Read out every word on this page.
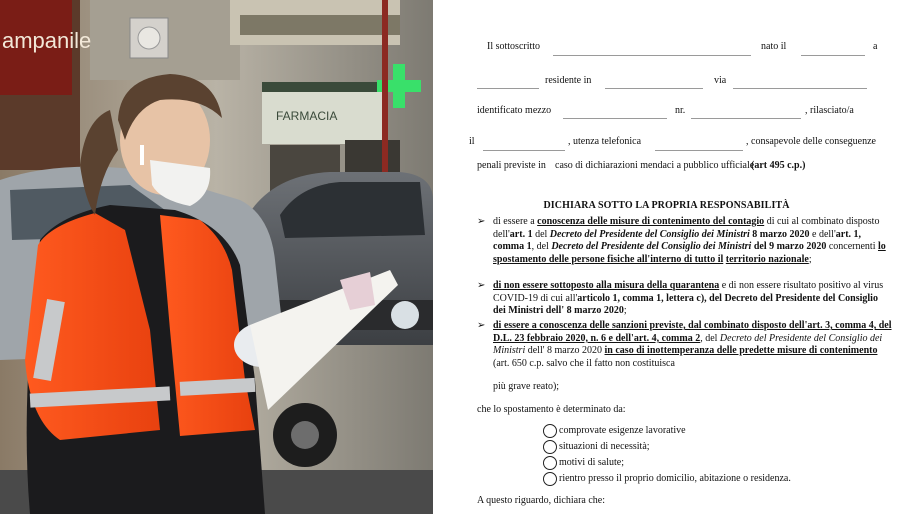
ampanile
FARMACIA
Il sottoscritto	nato il	a
residente in	via
identificato mezzo	nr.	, rilasciato/a
il	, utenza telefonica	, consapevole delle conseguenze
penali previste in caso di dichiarazioni mendaci a pubblico ufficiale
(art 495 c.p.)
DICHIARA SOTTO LA PROPRIA RESPONSABILITÀ
➢ di essere a conoscenza delle misure di contenimento del contagio di cui al combinato disposto dell'art. 1 del Decreto del Presidente del Consiglio dei Ministri 8 marzo 2020 e dell'art. 1, comma 1, del Decreto del Presidente del Consiglio dei Ministri del 9 marzo 2020 concernenti lo spostamento delle persone fisiche all'interno di tutto il territorio nazionale;
➢ di non essere sottoposto alla misura della quarantena e di non essere risultato positivo al virus COVID-19 di cui all'articolo 1, comma 1, lettera c), del Decreto del Presidente del Consiglio dei Ministri dell' 8 marzo 2020;
➢ di essere a conoscenza delle sanzioni previste, dal combinato disposto dell'art. 3, comma 4, del D.L. 23 febbraio 2020, n. 6 e dell'art. 4, comma 2, del Decreto del Presidente del Consiglio dei Ministri dell' 8 marzo 2020 in caso di inottemperanza delle predette misure di contenimento (art. 650 c.p. salvo che il fatto non costituisca
più grave reato);
che lo spostamento è determinato da:
comprovate esigenze lavorative
situazioni di necessità;
motivi di salute;
rientro presso il proprio domicilio, abitazione o residenza.
A questo riguardo, dichiara che:
